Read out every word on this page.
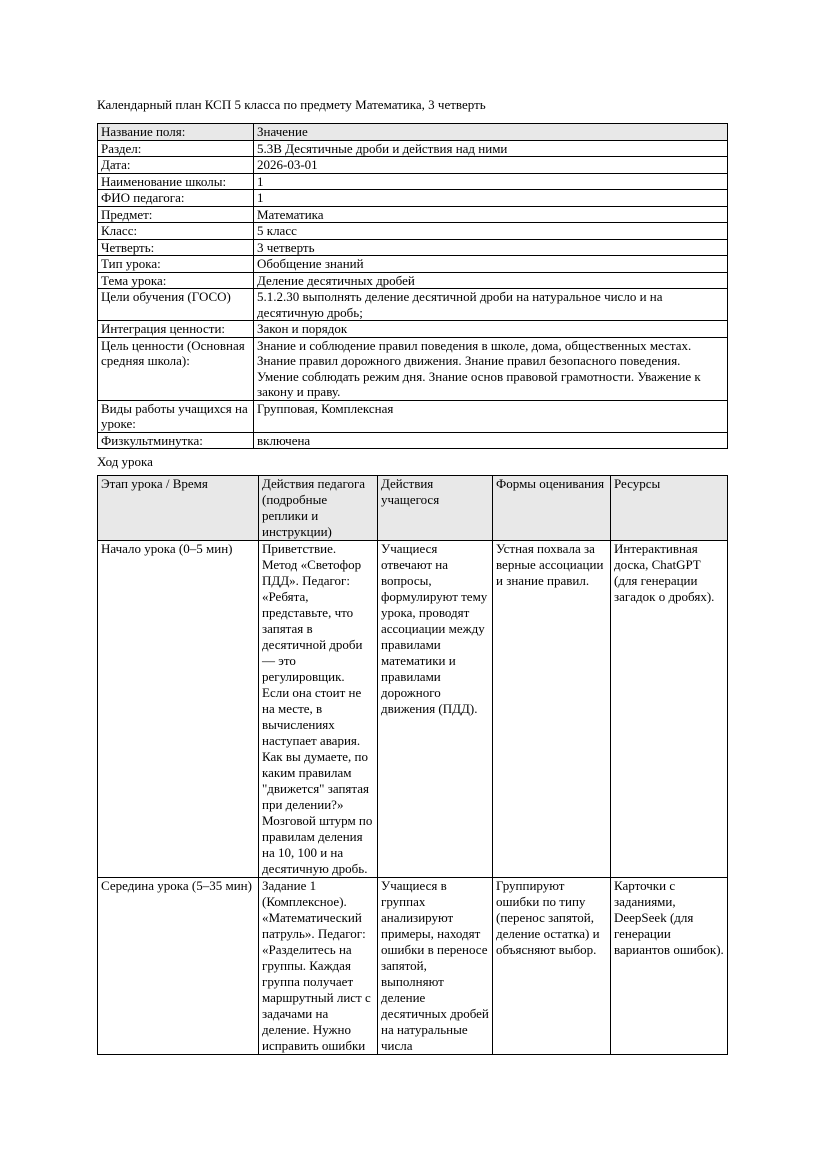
Календарный план КСП 5 класса по предмету Математика, 3 четверть
Название поля:	Значение
Раздел:	5.3B Десятичные дроби и действия над ними
Дата:	2026-03-01
Наименование школы:	1
ФИО педагога:	1
Предмет:	Математика
Класс:	5 класс
Четверть:	3 четверть
Тип урока:	Обобщение знаний
Тема урока:	Деление десятичных дробей
Цели обучения (ГОСО)	5.1.2.30 выполнять деление десятичной дроби на натуральное число и на десятичную дробь;
Интеграция ценности:	Закон и порядок
Цель ценности (Основная средняя школа):	Знание и соблюдение правил поведения в школе, дома, общественных местах. Знание правил дорожного движения. Знание правил безопасного поведения. Умение соблюдать режим дня. Знание основ правовой грамотности. Уважение к закону и праву.
Виды работы учащихся на уроке:	Групповая, Комплексная
Физкультминутка:	включена
Ход урока
Этап урока / Время	Действия педагога (подробные реплики и инструкции)	Действия учащегося	Формы оценивания	Ресурсы
Начало урока (0–5 мин)	Приветствие. Метод «Светофор ПДД». Педагог: «Ребята, представьте, что запятая в десятичной дроби — это регулировщик. Если она стоит не на месте, в вычислениях наступает авария. Как вы думаете, по каким правилам "движется" запятая при делении?» Мозговой штурм по правилам деления на 10, 100 и на десятичную дробь.	Учащиеся отвечают на вопросы, формулируют тему урока, проводят ассоциации между правилами математики и правилами дорожного движения (ПДД).	Устная похвала за верные ассоциации и знание правил.	Интерактивная доска, ChatGPT (для генерации загадок о дробях).
Середина урока (5–35 мин)	Задание 1 (Комплексное). «Математический патруль». Педагог: «Разделитесь на группы. Каждая группа получает маршрутный лист с задачами на деление. Нужно исправить ошибки	Учащиеся в группах анализируют примеры, находят ошибки в переносе запятой, выполняют деление десятичных дробей на натуральные числа	Группируют ошибки по типу (перенос запятой, деление остатка) и объясняют выбор.	Карточки с заданиями, DeepSeek (для генерации вариантов ошибок).
